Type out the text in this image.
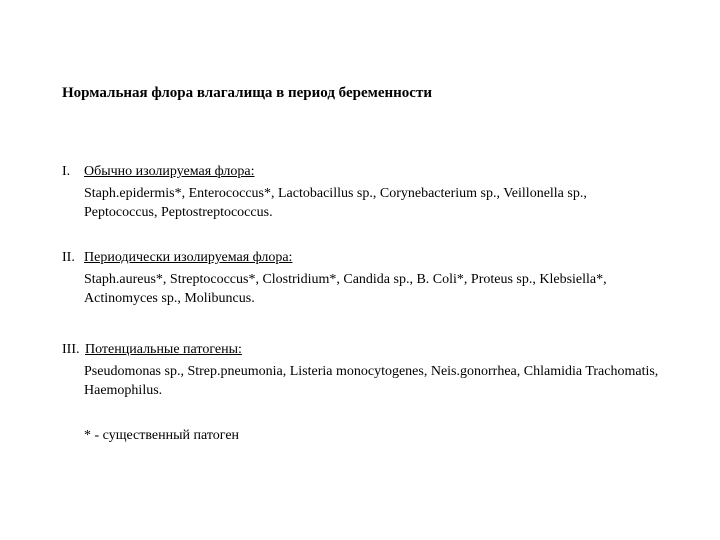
Нормальная флора влагалища в период беременности
I. Обычно изолируемая флора:
Staph.epidermis*, Enterococcus*, Lactobacillus sp., Corynebacterium sp., Veillonella sp., Peptococcus, Peptostreptococcus.
II. Периодически изолируемая флора:
Staph.aureus*, Streptococcus*, Clostridium*, Candida sp., B. Coli*, Proteus sp., Klebsiella*, Actinomyces sp., Molibuncus.
III. Потенциальные патогены:
Pseudomonas sp., Strep.pneumonia, Listeria monocytogenes, Neis.gonorrhea, Chlamidia Trachomatis, Haemophilus.
* - существенный патоген
